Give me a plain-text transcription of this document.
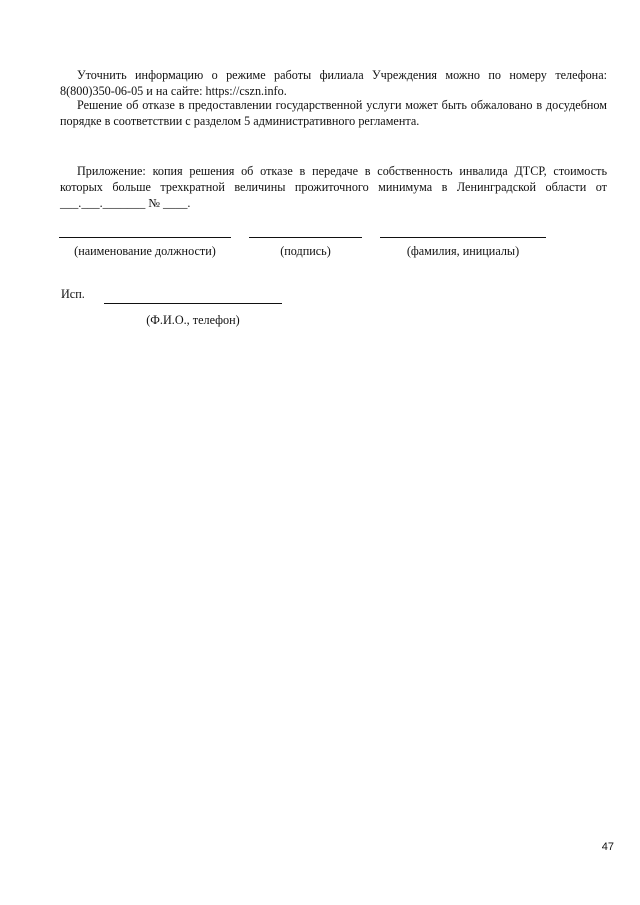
Уточнить информацию о режиме работы филиала Учреждения можно по номеру телефона: 8(800)350-06-05 и на сайте: https://cszn.info.

Решение об отказе в предоставлении государственной услуги может быть обжаловано в досудебном порядке в соответствии с разделом 5 административного регламента.

Приложение: копия решения об отказе в передаче в собственность инвалида ДТСР, стоимость которых больше трехкратной величины прожиточного минимума в Ленинградской области от ___.___._______ № ____.

(наименование должности)	(подпись)	(фамилия, инициалы)
Исп.
(Ф.И.О., телефон)
47
